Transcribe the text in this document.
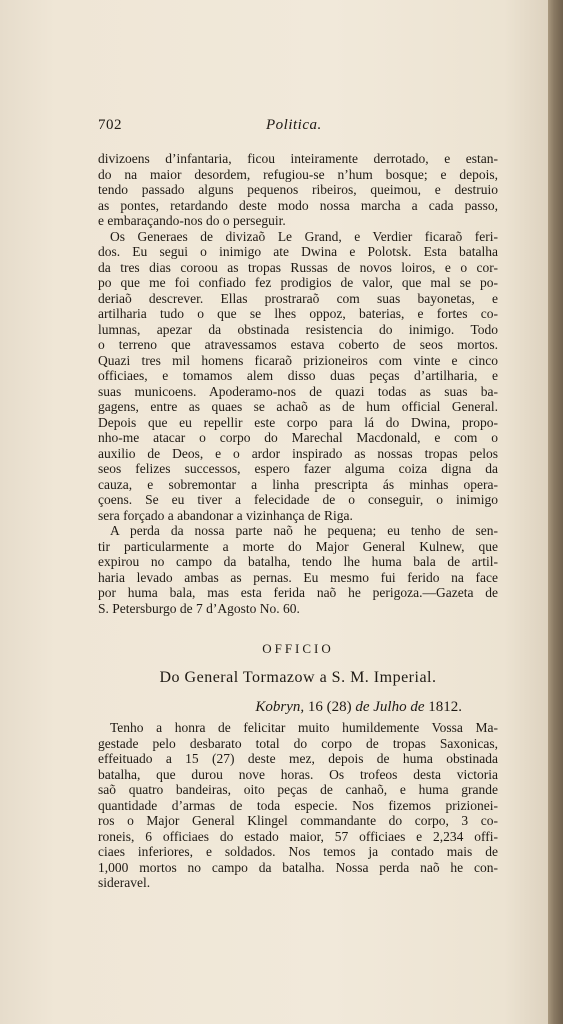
702	Politica.
divizoens d’infantaria, ficou inteiramente derrotado, e estan-
do na maior desordem, refugiou-se n’hum bosque; e depois,
tendo passado alguns pequenos ribeiros, queimou, e destruio
as pontes, retardando deste modo nossa marcha a cada passo,
e embaraçando-nos do o perseguir.
Os Generaes de divizaõ Le Grand, e Verdier ficaraõ feri-
dos. Eu segui o inimigo ate Dwina e Polotsk. Esta batalha
da tres dias coroou as tropas Russas de novos loiros, e o cor-
po que me foi confiado fez prodigios de valor, que mal se po-
deriaõ descrever. Ellas prostraraõ com suas bayonetas, e
artilharia tudo o que se lhes oppoz, baterias, e fortes co-
lumnas, apezar da obstinada resistencia do inimigo. Todo
o terreno que atravessamos estava coberto de seos mortos.
Quazi tres mil homens ficaraõ prizioneiros com vinte e cinco
officiaes, e tomamos alem disso duas peças d’artilharia, e
suas municoens. Apoderamo-nos de quazi todas as suas ba-
gagens, entre as quaes se achaõ as de hum official General.
Depois que eu repellir este corpo para lá do Dwina, propo-
nho-me atacar o corpo do Marechal Macdonald, e com o
auxilio de Deos, e o ardor inspirado as nossas tropas pelos
seos felizes successos, espero fazer alguma coiza digna da
cauza, e sobremontar a linha prescripta ás minhas opera-
çoens. Se eu tiver a felecidade de o conseguir, o inimigo
sera forçado a abandonar a vizinhança de Riga.
A perda da nossa parte naõ he pequena; eu tenho de sen-
tir particularmente a morte do Major General Kulnew, que
expirou no campo da batalha, tendo lhe huma bala de artil-
haria levado ambas as pernas. Eu mesmo fui ferido na face
por huma bala, mas esta ferida naõ he perigoza.—Gazeta de
S. Petersburgo de 7 d’Agosto No. 60.
OFFICIO
Do General Tormazow a S. M. Imperial.
Kobryn, 16 (28) de Julho de 1812.
Tenho a honra de felicitar muito humildemente Vossa Ma-
gestade pelo desbarato total do corpo de tropas Saxonicas,
effeituado a 15 (27) deste mez, depois de huma obstinada
batalha, que durou nove horas. Os trofeos desta victoria
saõ quatro bandeiras, oito peças de canhaõ, e huma grande
quantidade d’armas de toda especie. Nos fizemos prizionei-
ros o Major General Klingel commandante do corpo, 3 co-
roneis, 6 officiaes do estado maior, 57 officiaes e 2,234 offi-
ciaes inferiores, e soldados. Nos temos ja contado mais de
1,000 mortos no campo da batalha. Nossa perda naõ he con-
sideravel.
